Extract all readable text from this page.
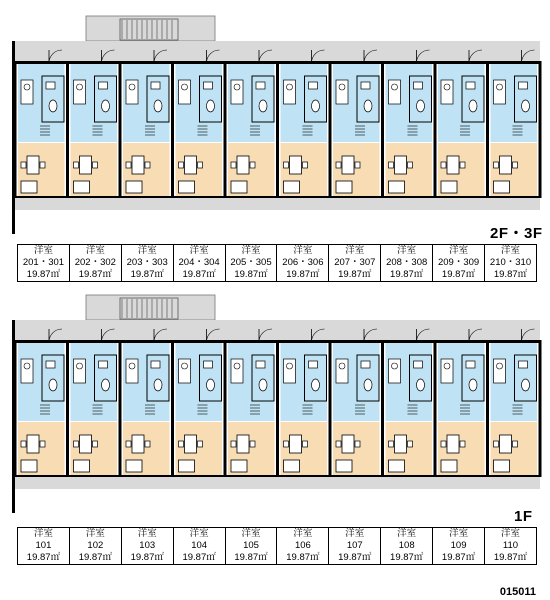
2F・3F
洋室
201・301
19.87㎡

洋室
202・302
19.87㎡

洋室
203・303
19.87㎡

洋室
204・304
19.87㎡

洋室
205・305
19.87㎡

洋室
206・306
19.87㎡

洋室
207・307
19.87㎡

洋室
208・308
19.87㎡

洋室
209・309
19.87㎡

洋室
210・310
19.87㎡
1F
洋室
101
19.87㎡

洋室
102
19.87㎡

洋室
103
19.87㎡

洋室
104
19.87㎡

洋室
105
19.87㎡

洋室
106
19.87㎡

洋室
107
19.87㎡

洋室
108
19.87㎡

洋室
109
19.87㎡

洋室
110
19.87㎡
015011
